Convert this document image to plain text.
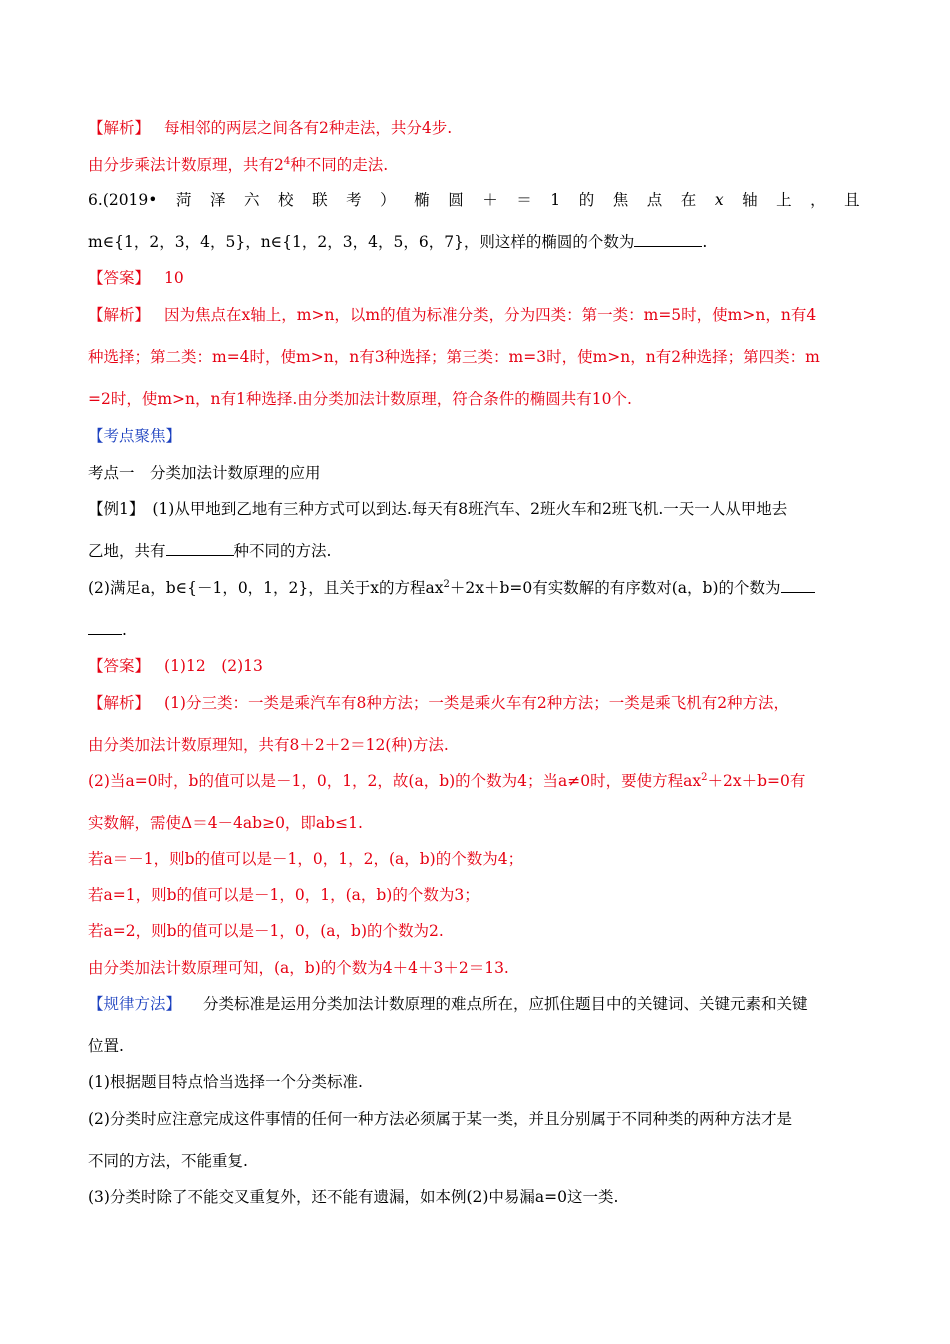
【解析】 每相邻的两层之间各有2种走法，共分4步.
由分步乘法计数原理，共有$2^4$种不同的走法.
6.(2019• 菏 泽 六 校 联 考 ） 椭 圆 ＋ ＝ 1 的 焦 点 在 x 轴 上 ， 且
m∈{1，2，3，4，5}，n∈{1，2，3，4，5，6，7}，则这样的椭圆的个数为	.
【答案】 10
【解析】 因为焦点在x轴上，m>n，以m的值为标准分类，分为四类：第一类：m=5时，使m>n，n有4
种选择；第二类：m=4时，使m>n，n有3种选择；第三类：m=3时，使m>n，n有2种选择；第四类：m
=2时，使m>n，n有1种选择.由分类加法计数原理，符合条件的椭圆共有10个.
【考点聚焦】
考点一　分类加法计数原理的应用
【例1】 (1)从甲地到乙地有三种方式可以到达.每天有8班汽车、2班火车和2班飞机.一天一人从甲地去
乙地，共有	种不同的方法.
(2)满足a，b∈{－1，0，1，2}，且关于x的方程$ax^2+2x+b=0$有实数解的有序数对(a，b)的个数为
.
【答案】 (1)12　(2)13
【解析】 (1)分三类：一类是乘汽车有8种方法；一类是乘火车有2种方法；一类是乘飞机有2种方法，
由分类加法计数原理知，共有8＋2＋2＝12(种)方法.
(2)当a=0时，b的值可以是－1，0，1，2，故(a，b)的个数为4；当a≠0时，要使方程$ax^2+2x+b=0$有
实数解，需使Δ＝4－4ab≥0，即ab≤1.
若a＝－1，则b的值可以是－1，0，1，2，(a，b)的个数为4；
若a=1，则b的值可以是－1，0，1，(a，b)的个数为3；
若a=2，则b的值可以是－1，0，(a，b)的个数为2.
由分类加法计数原理可知，(a，b)的个数为4＋4＋3＋2＝13.
【规律方法】 分类标准是运用分类加法计数原理的难点所在，应抓住题目中的关键词、关键元素和关键
位置.
(1)根据题目特点恰当选择一个分类标准.
(2)分类时应注意完成这件事情的任何一种方法必须属于某一类，并且分别属于不同种类的两种方法才是
不同的方法，不能重复.
(3)分类时除了不能交叉重复外，还不能有遗漏，如本例(2)中易漏a=0这一类.
